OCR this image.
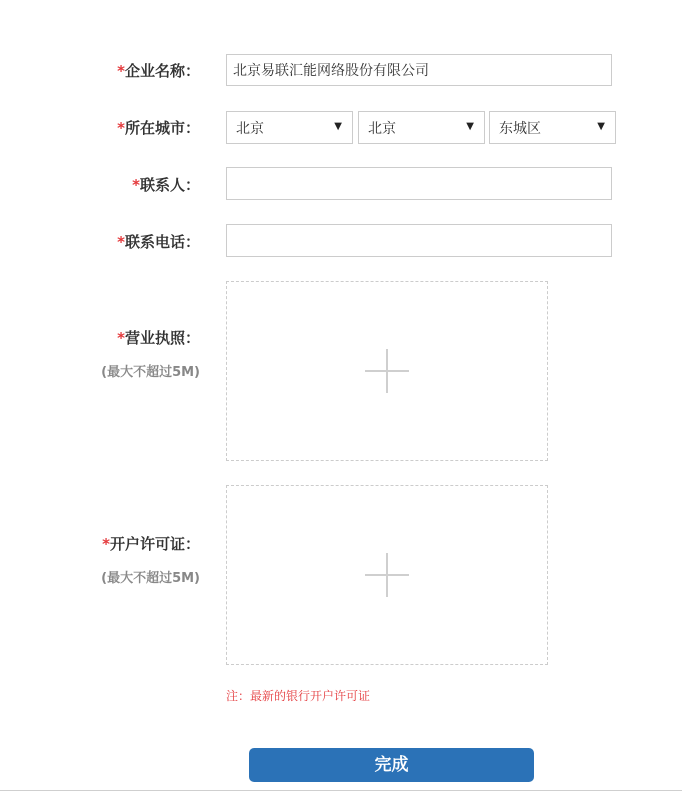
*企业名称：
北京易联汇能网络股份有限公司
*所在城市：	北京	▼ 北京	▼ 东城区	▼
*联系人：
*联系电话：
*营业执照：
(最大不超过5M)
*开户许可证：
(最大不超过5M)
注：最新的银行开户许可证
完成
